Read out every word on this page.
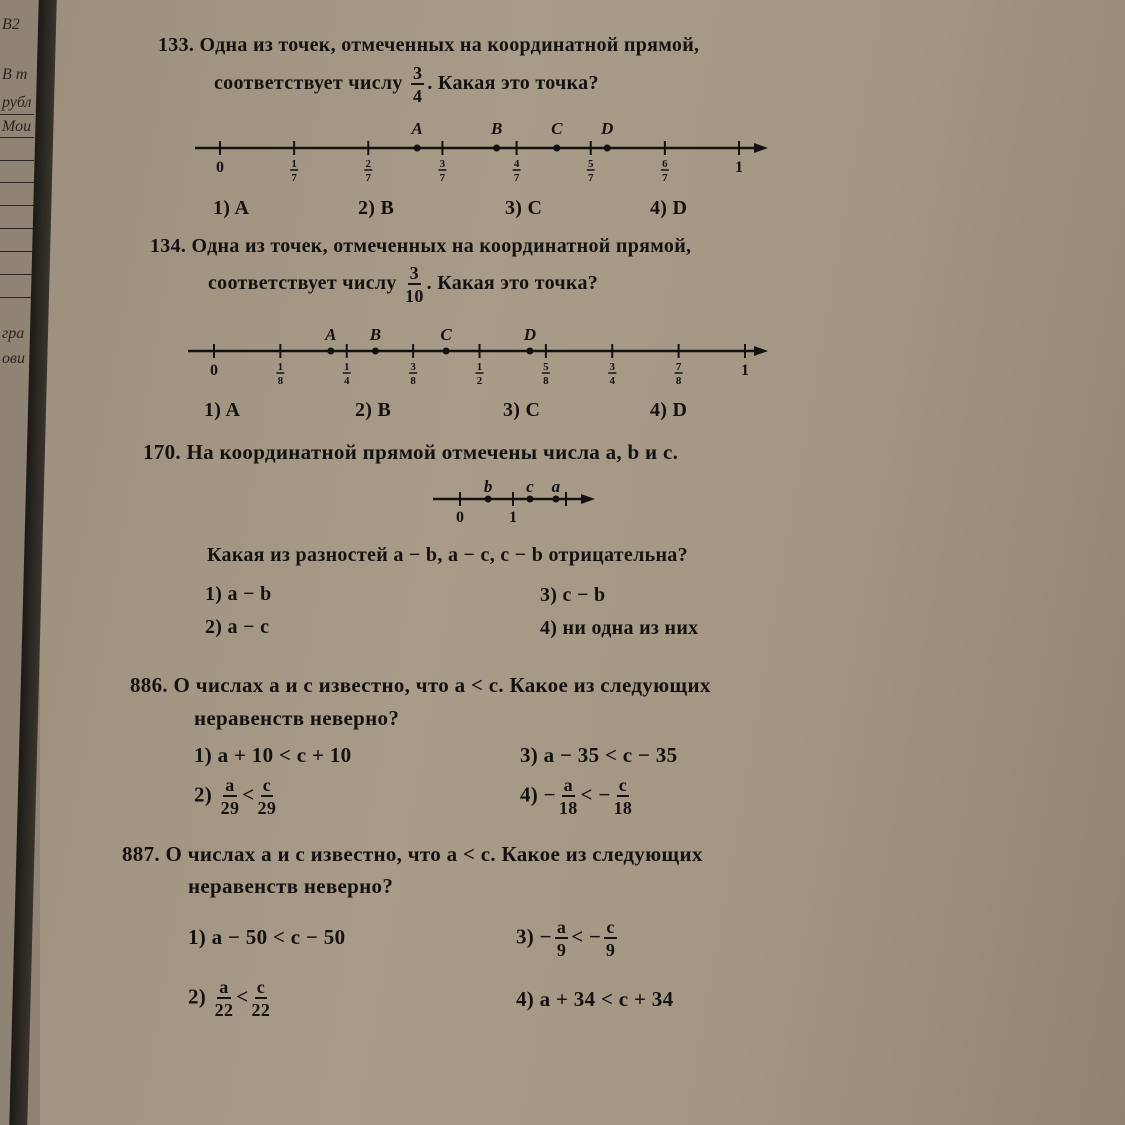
В2
В т
рубл
Мои
гра
ови
133. Одна из точек, отмеченных на координатной прямой,
соответствует числу $\frac{3}{4}$ . Какая это точка?
1) A	2) B	3) C	4) D
134. Одна из точек, отмеченных на координатной прямой,
соответствует числу $\frac{3}{10}$ . Какая это точка?
1) A	2) B	3) C	4) D
170. На координатной прямой отмечены числа a, b и c.
Какая из разностей a − b, a − c, c − b отрицательна?
1) a − b
2) a − c
3) c − b
4) ни одна из них
886. О числах a и c известно, что a < c. Какое из следующих
неравенств неверно?
1) a + 10 < c + 10	3) a − 35 < c − 35
$2) \frac{a}{29} < \frac{c}{29}$	$4) - \frac{a}{18}$ < − $\frac{c}{18}$
887. О числах a и c известно, что a < c. Какое из следующих
неравенств неверно?
1) a − 50 < c − 50	$3) - \frac{a}{9}$ < − $\frac{c}{9}$
$2) \frac{a}{22} < \frac{c}{22}$	4) a + 34 < c + 34
0	1
7
2
7
3
7
4
7
5
7
6
7
1
A	B	C D
0	1
8
1
4
3
8
1
2
5
8
3
4
7
8
1
A B	C	D
0	1
b c a
